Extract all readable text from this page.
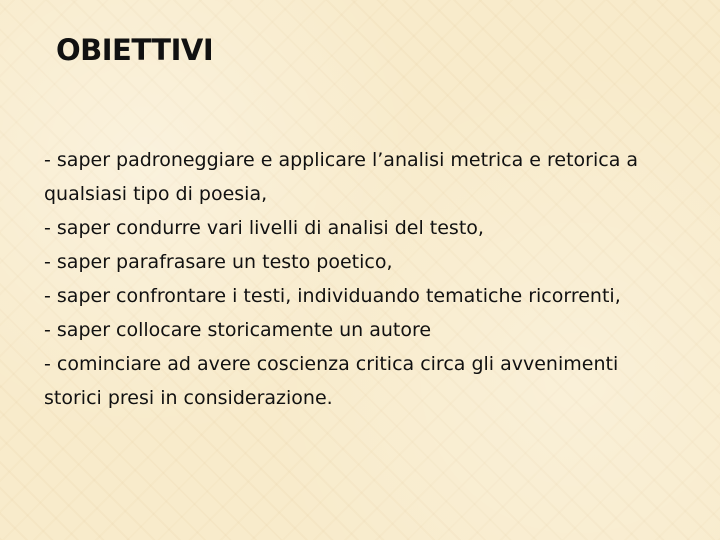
OBIETTIVI
- saper padroneggiare e applicare l’analisi metrica e retorica a qualsiasi tipo di poesia,
- saper condurre vari livelli di analisi del testo,
- saper parafrasare un testo poetico,
- saper confrontare i testi, individuando tematiche ricorrenti,
- saper collocare storicamente un autore
- cominciare ad avere coscienza critica circa gli avvenimenti storici presi in considerazione.
